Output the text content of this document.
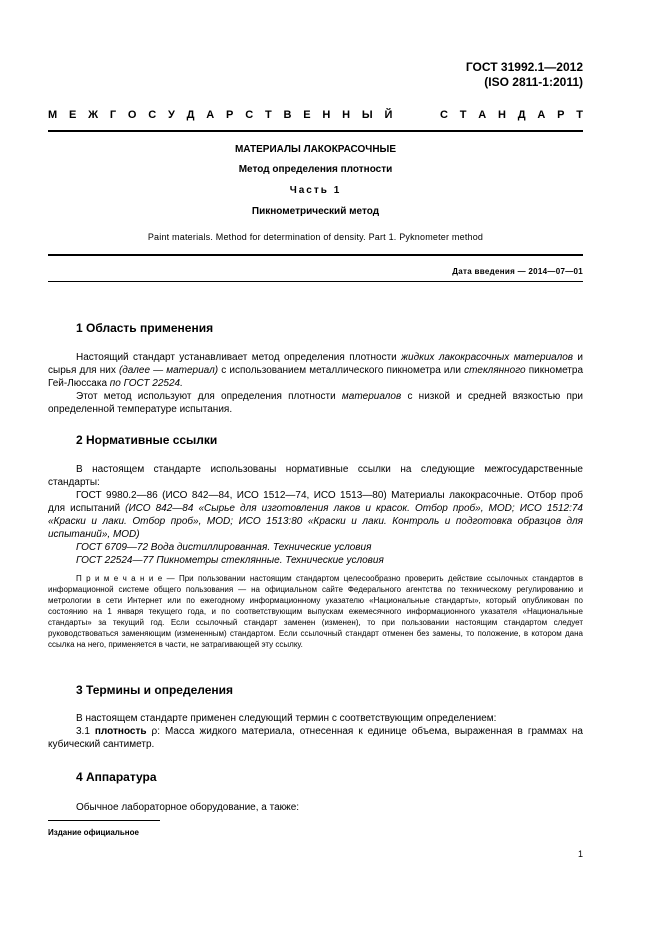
ГОСТ 31992.1—2012
(ISO 2811-1:2011)
М Е Ж Г О С У Д А Р С Т В Е Н Н Ы Й	С Т А Н Д А Р Т
МАТЕРИАЛЫ ЛАКОКРАСОЧНЫЕ
Метод определения плотности
Часть 1
Пикнометрический метод
Paint materials. Method for determination of density. Part 1. Pyknometer method
Дата введения — 2014—07—01
1 Область применения

Настоящий стандарт устанавливает метод определения плотности жидких лакокрасочных материалов и сырья для них (далее — материал) с использованием металлического пикнометра или стеклянного пикнометра Гей-Люссака по ГОСТ 22524.

Этот метод используют для определения плотности материалов с низкой и средней вязкостью при определенной температуре испытания.

2 Нормативные ссылки

В настоящем стандарте использованы нормативные ссылки на следующие межгосударственные стандарты:

ГОСТ 9980.2—86 (ИСО 842—84, ИСО 1512—74, ИСО 1513—80) Материалы лакокрасочные. Отбор проб для испытаний (ИСО 842—84 «Сырье для изготовления лаков и красок. Отбор проб», MOD; ИСО 1512:74 «Краски и лаки. Отбор проб», MOD; ИСО 1513:80 «Краски и лаки. Контроль и подготовка образцов для испытаний», MOD)

ГОСТ 6709—72 Вода дистиллированная. Технические условия

ГОСТ 22524—77 Пикнометры стеклянные. Технические условия

П р и м е ч а н и е — При пользовании настоящим стандартом целесообразно проверить действие ссылочных стандартов в информационной системе общего пользования — на официальном сайте Федерального агентства по техническому регулированию и метрологии в сети Интернет или по ежегодному информационному указателю «Национальные стандарты», который опубликован по состоянию на 1 января текущего года, и по соответствующим выпускам ежемесячного информационного указателя «Национальные стандарты» за текущий год. Если ссылочный стандарт заменен (изменен), то при пользовании настоящим стандартом следует руководствоваться заменяющим (измененным) стандартом. Если ссылочный стандарт отменен без замены, то положение, в котором дана ссылка на него, применяется в части, не затрагивающей эту ссылку.

3 Термины и определения

В настоящем стандарте применен следующий термин с соответствующим определением:

3.1 плотность ρ: Масса жидкого материала, отнесенная к единице объема, выраженная в граммах на кубический сантиметр.

4 Аппаратура

Обычное лабораторное оборудование, а также:

Издание официальное
1
